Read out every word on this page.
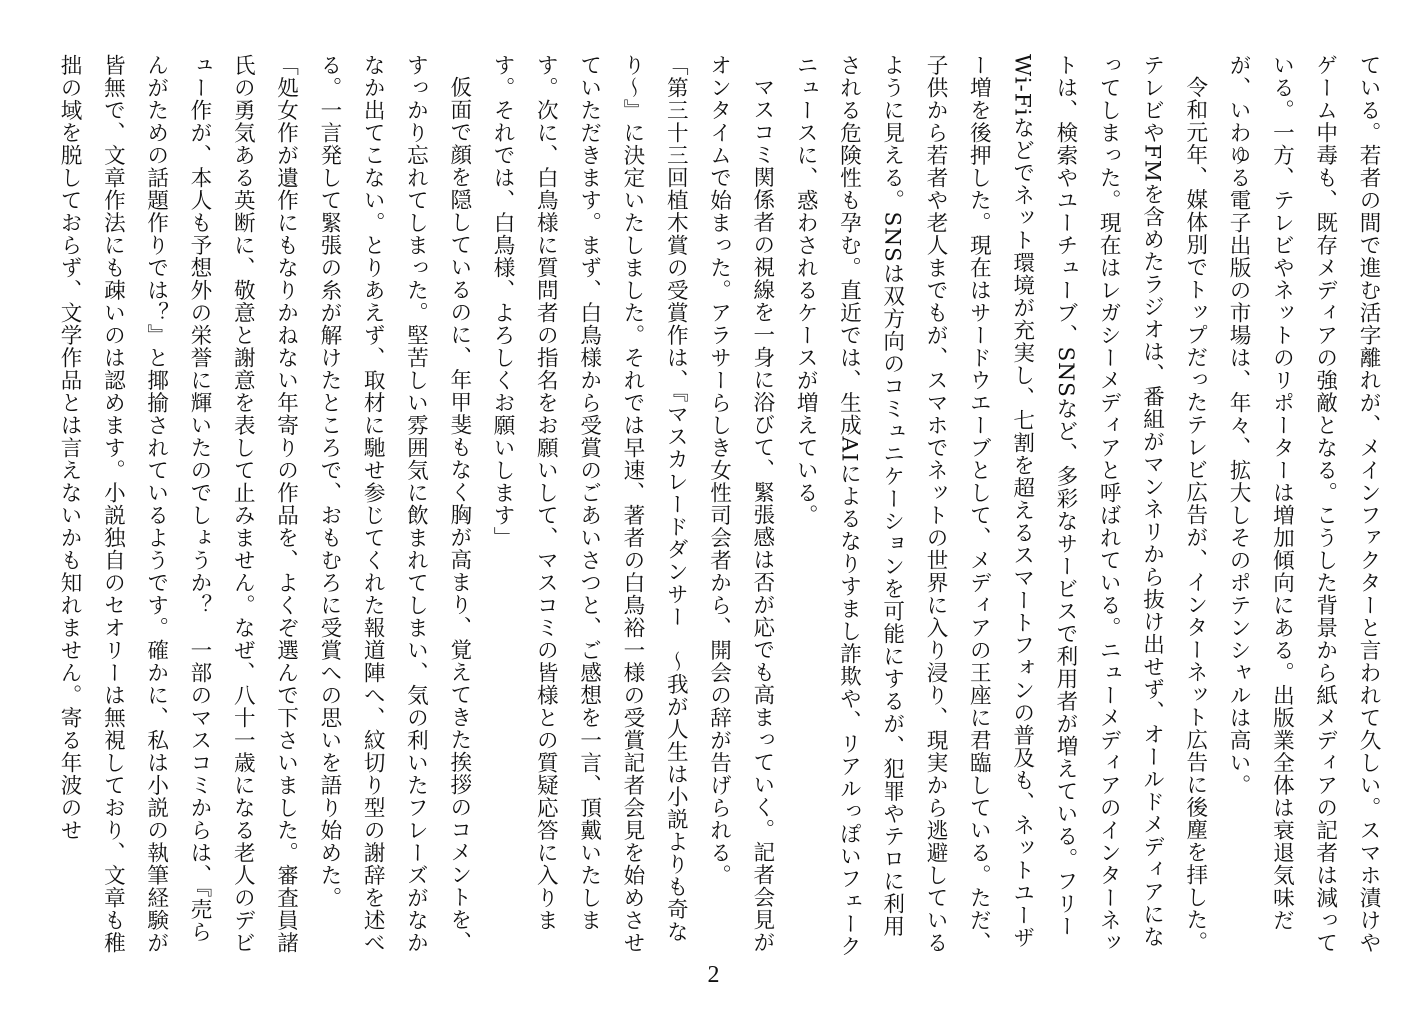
ている。若者の間で進む活字離れが、メインファクターと言われて久しい。スマホ漬けやゲーム中毒も、既存メディアの強敵となる。こうした背景から紙メディアの記者は減っている。一方、テレビやネットのリポーターは増加傾向にある。出版業全体は衰退気味だが、いわゆる電子出版の市場は、年々、拡大しそのポテンシャルは高い。

令和元年、媒体別でトップだったテレビ広告が、インターネット広告に後塵を拝した。テレビやFMを含めたラジオは、番組がマンネリから抜け出せず、オールドメディアになってしまった。現在はレガシーメディアと呼ばれている。ニューメディアのインターネットは、検索やユーチューブ、SNSなど、多彩なサービスで利用者が増えている。フリーWi-Fiなどでネット環境が充実し、七割を超えるスマートフォンの普及も、ネットユーザー増を後押した。現在はサードウエーブとして、メディアの王座に君臨している。ただ、子供から若者や老人までもが、スマホでネットの世界に入り浸り、現実から逃避しているように見える。SNSは双方向のコミュニケーションを可能にするが、犯罪やテロに利用される危険性も孕む。直近では、生成AIによるなりすまし詐欺や、リアルっぽいフェークニュースに、惑わされるケースが増えている。

マスコミ関係者の視線を一身に浴びて、緊張感は否が応でも高まっていく。記者会見がオンタイムで始まった。アラサーらしき女性司会者から、開会の辞が告げられる。

「第三十三回植木賞の受賞作は、『マスカレードダンサー　～我が人生は小説よりも奇なり～』に決定いたしました。それでは早速、著者の白鳥裕一様の受賞記者会見を始めさせていただきます。まず、白鳥様から受賞のごあいさつと、ご感想を一言、頂戴いたします。次に、白鳥様に質問者の指名をお願いして、マスコミの皆様との質疑応答に入ります。それでは、白鳥様、よろしくお願いします」

仮面で顔を隠しているのに、年甲斐もなく胸が高まり、覚えてきた挨拶のコメントを、すっかり忘れてしまった。堅苦しい雰囲気に飲まれてしまい、気の利いたフレーズがなかなか出てこない。とりあえず、取材に馳せ参じてくれた報道陣へ、紋切り型の謝辞を述べる。一言発して緊張の糸が解けたところで、おもむろに受賞への思いを語り始めた。

「処女作が遺作にもなりかねない年寄りの作品を、よくぞ選んで下さいました。審査員諸氏の勇気ある英断に、敬意と謝意を表して止みません。なぜ、八十一歳になる老人のデビュー作が、本人も予想外の栄誉に輝いたのでしょうか？　一部のマスコミからは、『売らんがための話題作りでは？』と揶揄されているようです。確かに、私は小説の執筆経験が皆無で、文章作法にも疎いのは認めます。小説独自のセオリーは無視しており、文章も稚拙の域を脱しておらず、文学作品とは言えないかも知れません。寄る年波のせ

2
